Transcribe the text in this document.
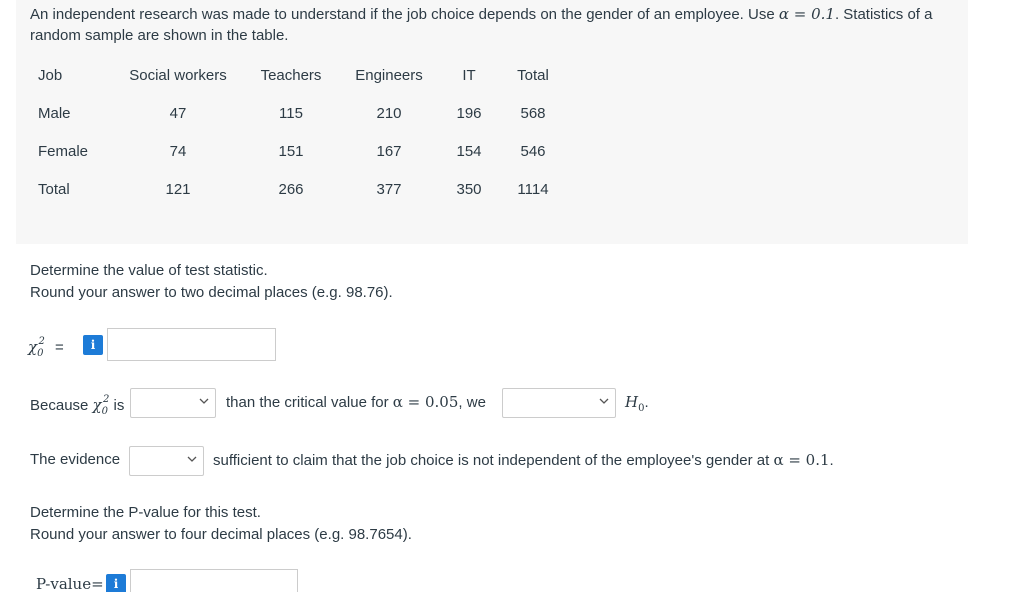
An independent research was made to understand if the job choice depends on the gender of an employee. Use α = 0.1. Statistics of a random sample are shown in the table.
Job	Social workers	Teachers	Engineers	IT	Total
Male	47	115	210	196	568
Female	74	151	167	154	546
Total	121	266	377	350	1114
Determine the value of test statistic.
Round your answer to two decimal places (e.g. 98.76).
$\chi_0^2$ =	i
Because $\chi_0^2$ is	than the critical value for α = 0.05, we	$H_0$.
The evidence	sufficient to claim that the job choice is not independent of the employee's gender at α = 0.1.
Determine the P-value for this test.
Round your answer to four decimal places (e.g. 98.7654).
P-value= i
